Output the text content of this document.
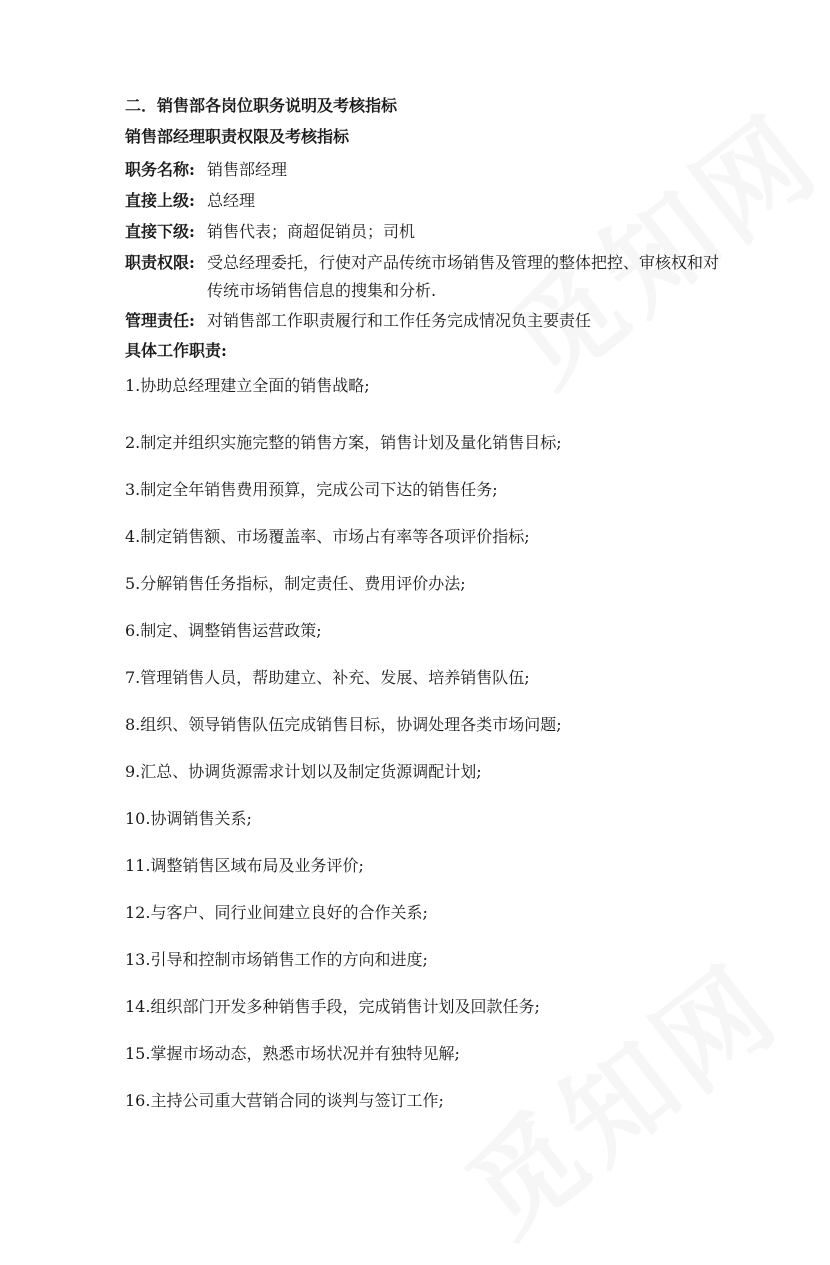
二．销售部各岗位职务说明及考核指标
销售部经理职责权限及考核指标
职务名称: 销售部经理
直接上级: 总经理
直接下级: 销售代表；商超促销员；司机
职责权限: 受总经理委托，行使对产品传统市场销售及管理的整体把控、审核权和对传统市场销售信息的搜集和分析.
管理责任: 对销售部工作职责履行和工作任务完成情况负主要责任
具体工作职责:
1.协助总经理建立全面的销售战略;
2.制定并组织实施完整的销售方案，销售计划及量化销售目标;
3.制定全年销售费用预算，完成公司下达的销售任务;
4.制定销售额、市场覆盖率、市场占有率等各项评价指标;
5.分解销售任务指标，制定责任、费用评价办法;
6.制定、调整销售运营政策;
7.管理销售人员，帮助建立、补充、发展、培养销售队伍;
8.组织、领导销售队伍完成销售目标，协调处理各类市场问题;
9.汇总、协调货源需求计划以及制定货源调配计划;
10.协调销售关系;
11.调整销售区域布局及业务评价;
12.与客户、同行业间建立良好的合作关系;
13.引导和控制市场销售工作的方向和进度;
14.组织部门开发多种销售手段，完成销售计划及回款任务;
15.掌握市场动态，熟悉市场状况并有独特见解;
16.主持公司重大营销合同的谈判与签订工作;
